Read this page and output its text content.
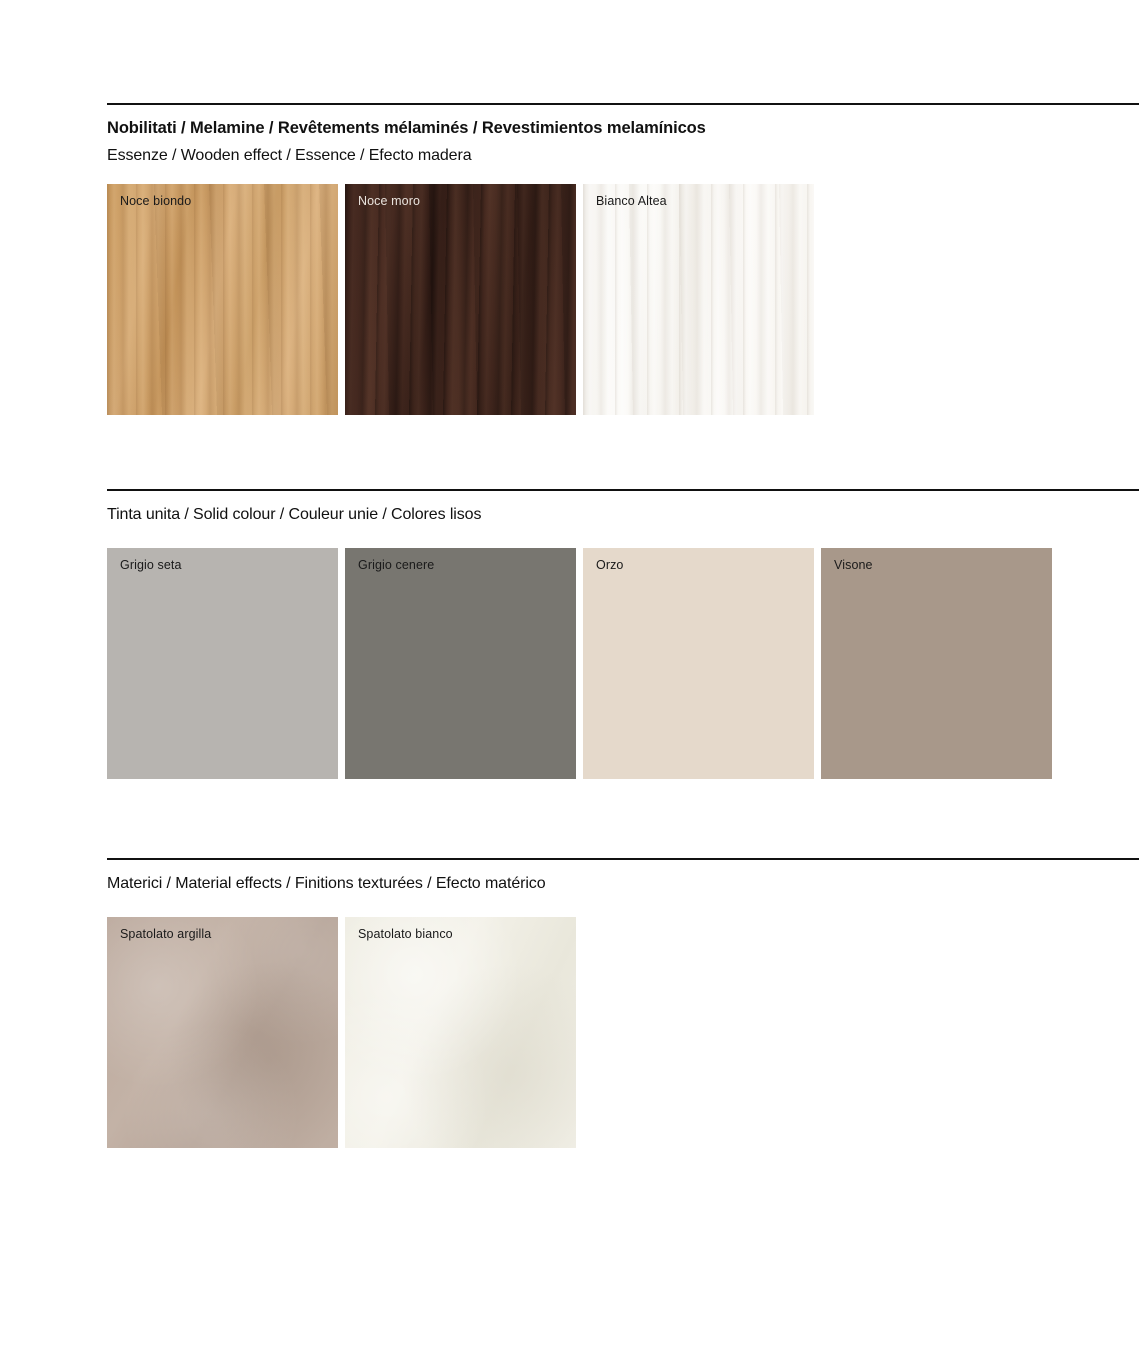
Nobilitati / Melamine / Revêtements mélaminés / Revestimientos melamínicos
Essenze / Wooden effect / Essence / Efecto madera
Noce biondo	Noce moro	Bianco Altea
Tinta unita / Solid colour / Couleur unie / Colores lisos
Grigio seta	Grigio cenere	Orzo	Visone
Materici / Material effects / Finitions texturées / Efecto matérico
Spatolato argilla	Spatolato bianco
